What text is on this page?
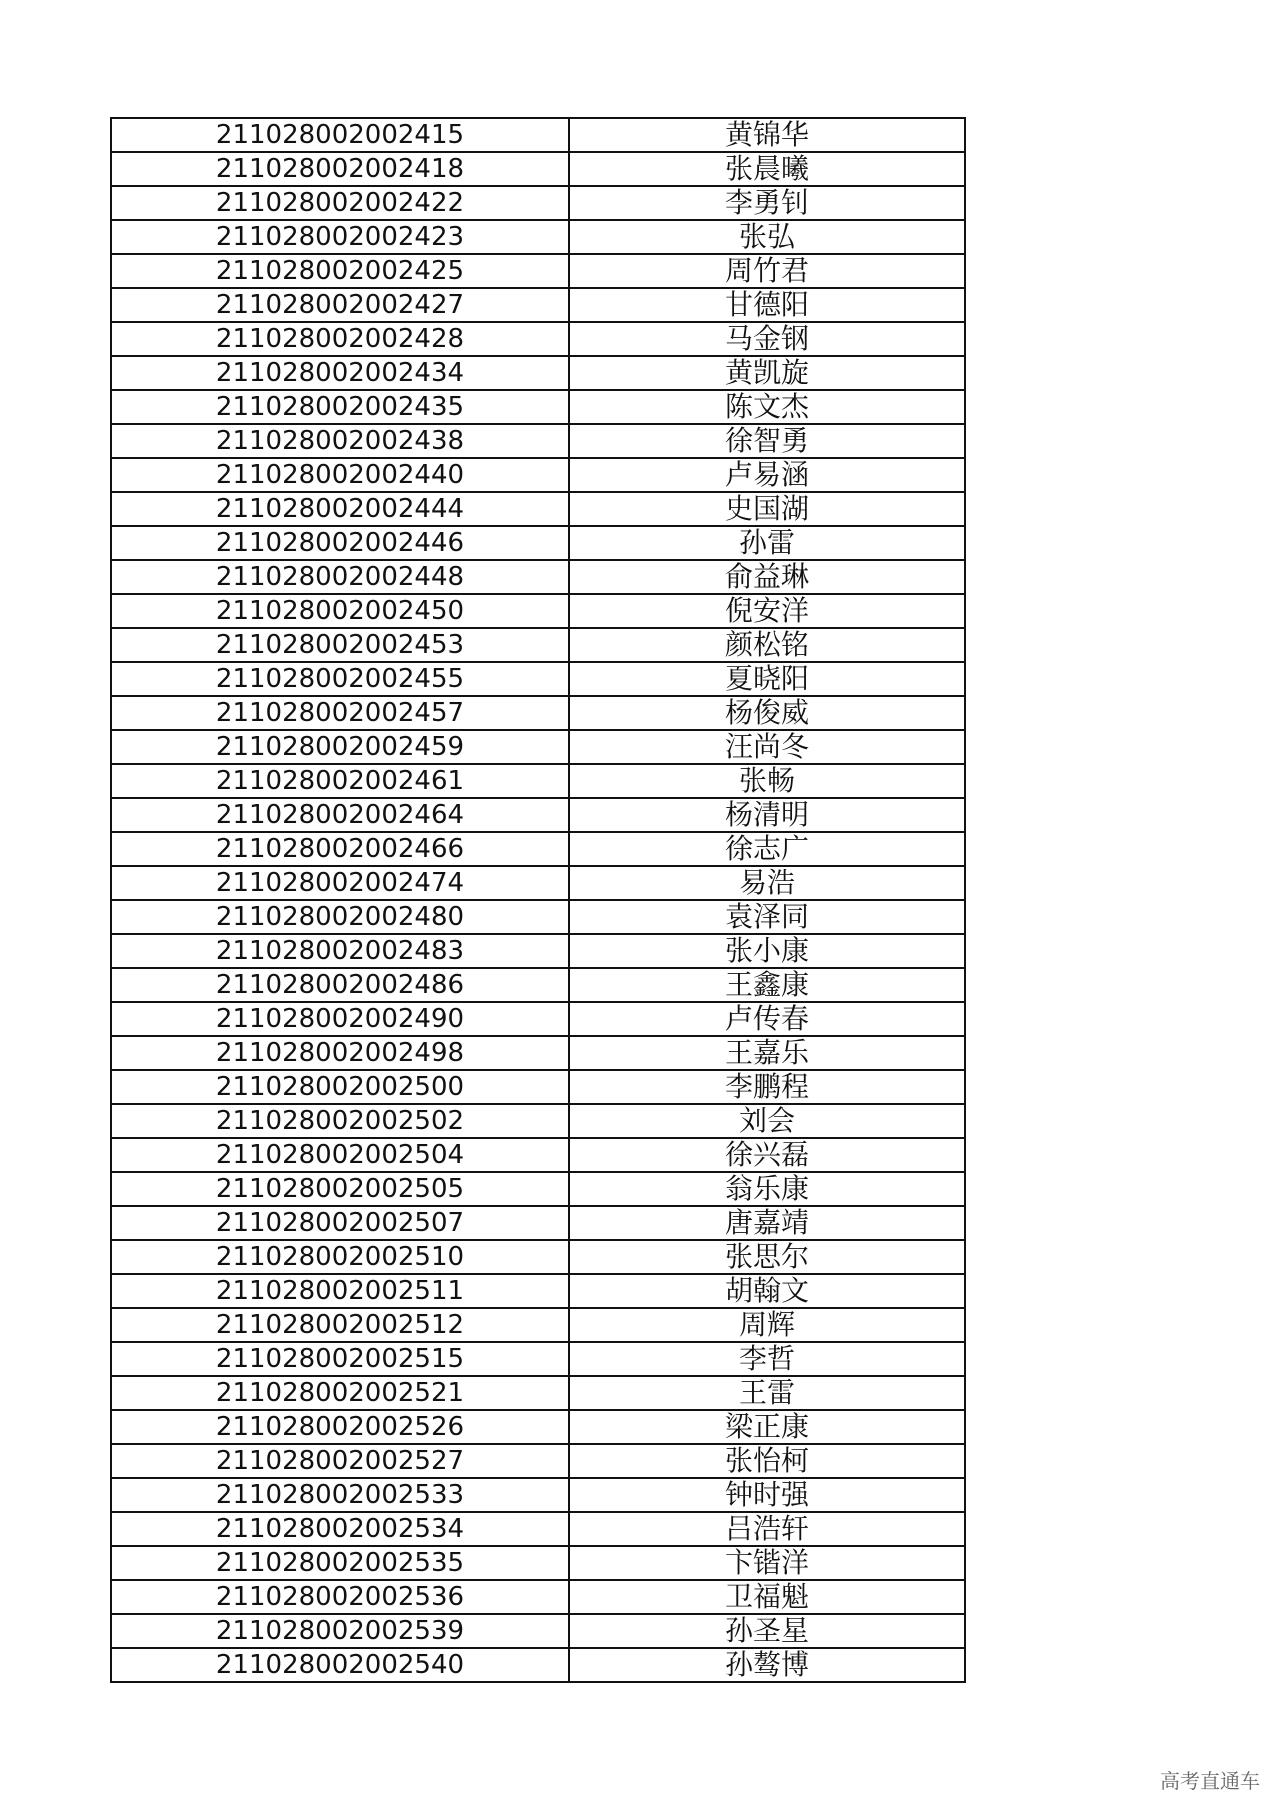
211028002002415	黄锦华
211028002002418	张晨曦
211028002002422	李勇钊
211028002002423	张弘
211028002002425	周竹君
211028002002427	甘德阳
211028002002428	马金钢
211028002002434	黄凯旋
211028002002435	陈文杰
211028002002438	徐智勇
211028002002440	卢易涵
211028002002444	史国湖
211028002002446	孙雷
211028002002448	俞益琳
211028002002450	倪安洋
211028002002453	颜松铭
211028002002455	夏晓阳
211028002002457	杨俊威
211028002002459	汪尚冬
211028002002461	张畅
211028002002464	杨清明
211028002002466	徐志广
211028002002474	易浩
211028002002480	袁泽同
211028002002483	张小康
211028002002486	王鑫康
211028002002490	卢传春
211028002002498	王嘉乐
211028002002500	李鹏程
211028002002502	刘会
211028002002504	徐兴磊
211028002002505	翁乐康
211028002002507	唐嘉靖
211028002002510	张思尔
211028002002511	胡翰文
211028002002512	周辉
211028002002515	李哲
211028002002521	王雷
211028002002526	梁正康
211028002002527	张怡柯
211028002002533	钟时强
211028002002534	吕浩轩
211028002002535	卞锴洋
211028002002536	卫福魁
211028002002539	孙圣星
211028002002540	孙骜博
高考直通车
